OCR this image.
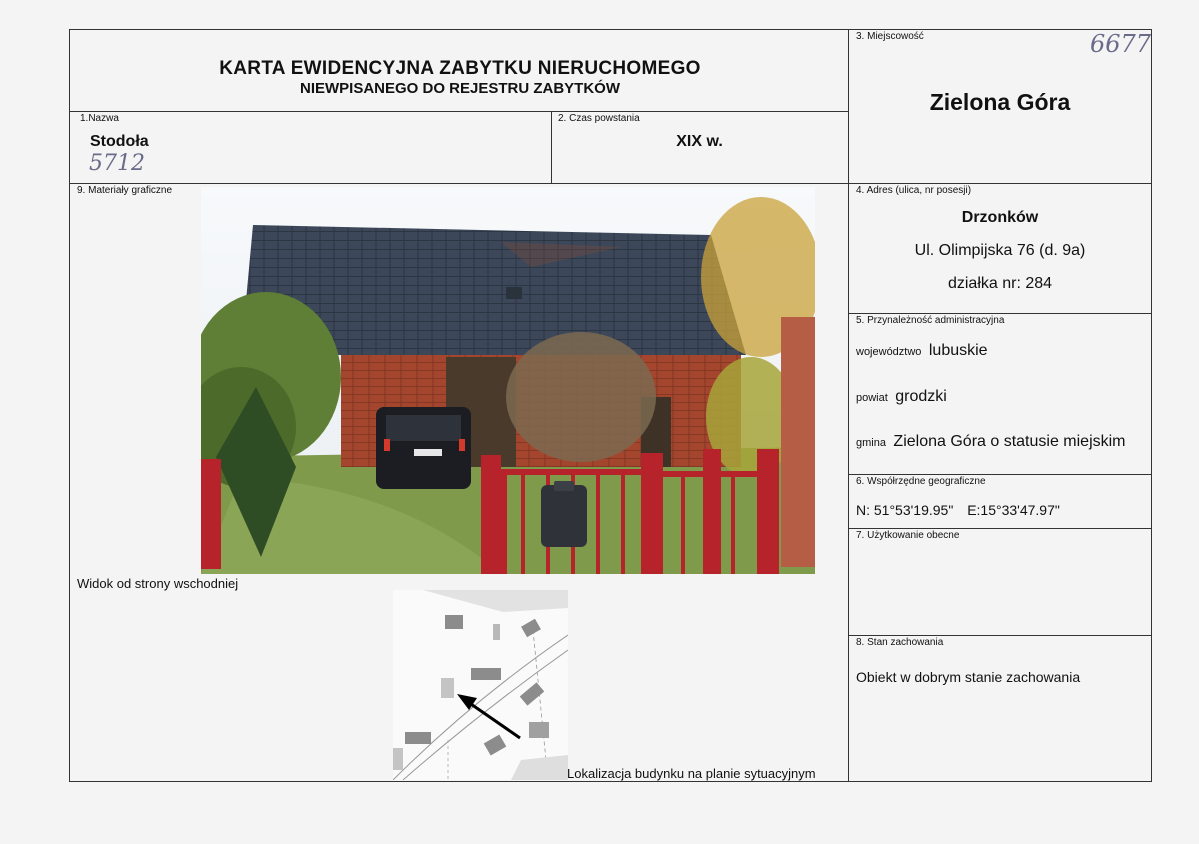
KARTA EWIDENCYJNA ZABYTKU NIERUCHOMEGO
NIEWPISANEGO DO REJESTRU ZABYTKÓW
6677
3. Miejscowość
Zielona Góra
1.Nazwa
Stodoła
5712
2. Czas powstania
XIX w.
9. Materiały graficzne
Widok od strony wschodniej
Lokalizacja budynku na planie sytuacyjnym
4. Adres (ulica, nr posesji)
Drzonków
Ul. Olimpijska 76 (d. 9a)
działka nr: 284
5. Przynależność administracyjna
województwo lubuskie
powiat grodzki
gmina Zielona Góra o statusie miejskim
6. Współrzędne geograficzne
N: 51°53'19.95" E:15°33'47.97"
7. Użytkowanie obecne
8. Stan zachowania
Obiekt w dobrym stanie zachowania
